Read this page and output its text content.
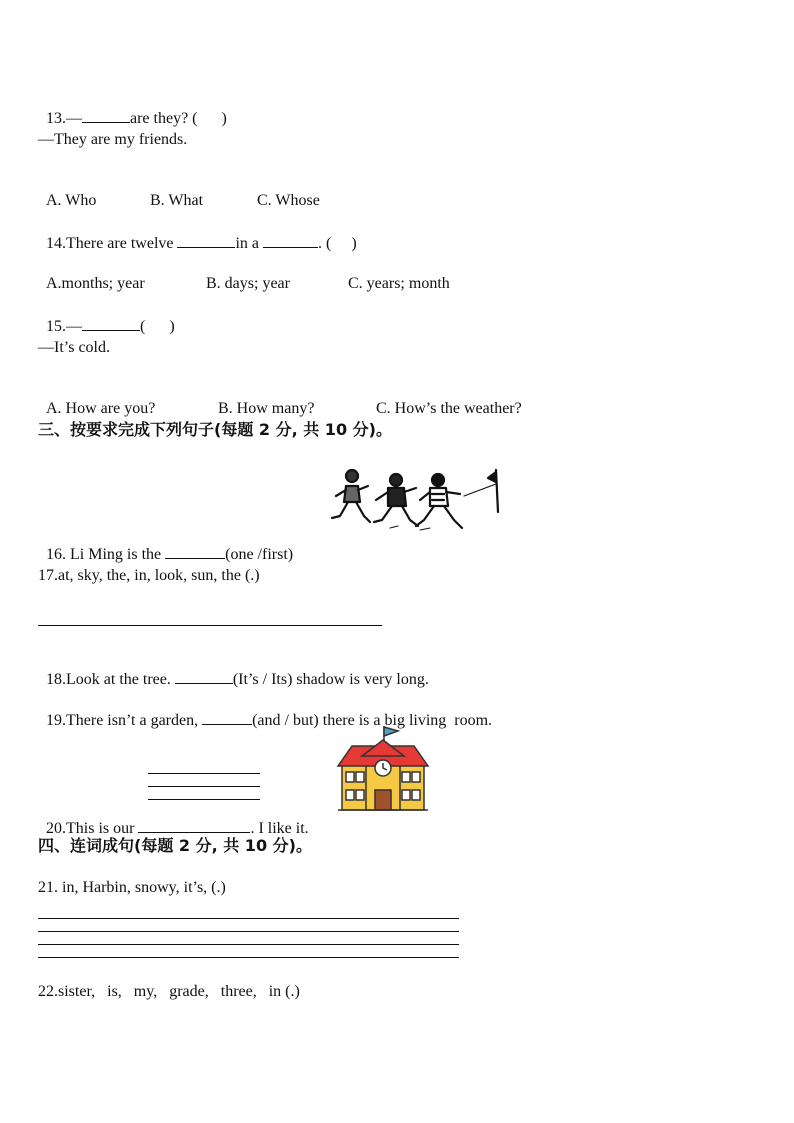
13.—	are they? (      )

—They are my friends.

A. Who	B. What	C. Whose

14.There are twelve	in a	. (     )

A.months; year	B. days; year	C. years; month

15.—	(      )

—It’s cold.

A. How are you?	B. How many?	C. How’s the weather?

三、按要求完成下列句子(每题 2 分, 共 10 分)。

16. Li Ming is the	(one /first)

17.at, sky, the, in, look, sun, the (.)

18.Look at the tree.	(It’s / Its) shadow is very long.

19.There isn’t a garden,	(and / but) there is a big living  room.

20.This is our	. I like it.

四、连词成句(每题 2 分, 共 10 分)。
21. in, Harbin, snowy, it’s, (.)
22.sister,   is,   my,   grade,   three,   in (.)
